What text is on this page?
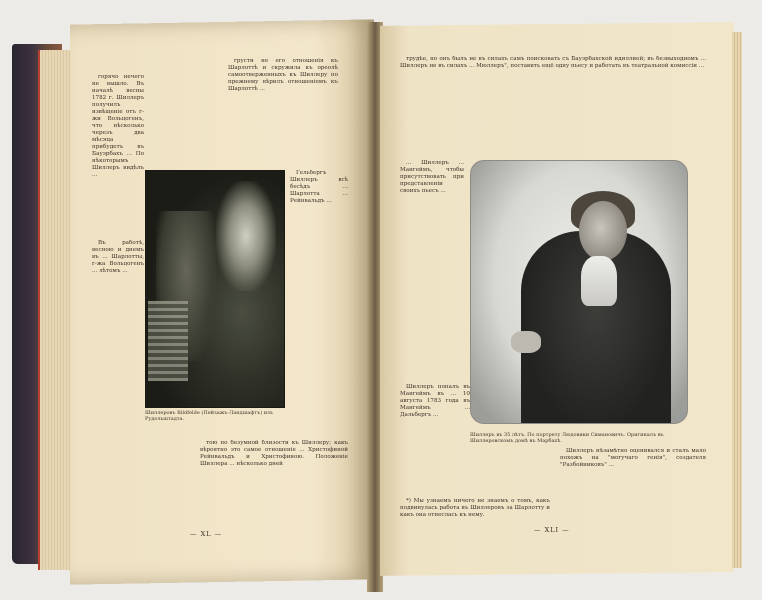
горячо нечего не вышло. Въ началѣ весны 1782 г. Шиллеръ получилъ извѣщеніе отъ г-жи Вольцогенъ, что нѣсколько черезъ два мѣсяца прибудетъ въ Бауэрбахъ ... По нѣкоторымъ Шиллеръ видѣлъ ...

Въ работѣ, весною и днемъ въ ... Шарлотты, г-жа Вольцогенъ ... лѣтомъ ...

грусти не его отношенія къ Шарлоттѣ и скружила къ ореолѣ самоотверженныхъ къ Шиллеру по прежнему вѣрилъ отношеніемъ къ Шарлоттѣ ...

Гельбергъ Шиллеръ всѣ бесѣдъ ... Шарлотта ... Рейнвальдъ ...

тою по безумной близости къ Шиллеру; какъ вѣроятно это самое отношеніе ... Христофиной Рейнвальдъ и Христофиною. Положеніе Шиллера ... нѣсколько дней

Шиллеровъ Bildfelde (Пейзажъ-Ландшафтъ) изъ Рудольштадта.
— XL —

трудѣе, но онъ былъ не въ силахъ самъ поисковать съ Бауэрбахской идиллией; въ безвыходномъ ... Шиллеръ не въ силахъ ... Мюллеръ", поставить ещё одну пьесу и работать въ театральной комиссіи ...

... Шиллеръ ... Мангеймъ, чтобы присутствовать при представленіи своихъ пьесъ ...

Шиллеръ въ 35 лѣтъ. По портрету Людовики Симановичъ. Оригиналъ въ Шиллеровскомъ домѣ въ Марбахѣ.

Шиллеръ попалъ въ Мангеймъ въ ... 10 августа 1783 года въ Мангеймъ ... Дальбергъ ...

Шиллеръ нѣзамѣтно оценивался и сталъ мало похожъ на "могучаго генія", создателя "Разбойниковъ" ...

*) Мы узнаемъ ничего не знаемъ о томъ, какъ подвинулась работа въ Шиллеровъ за Шарлотту и какъ она отнеслась къ нему.

— XLI —
